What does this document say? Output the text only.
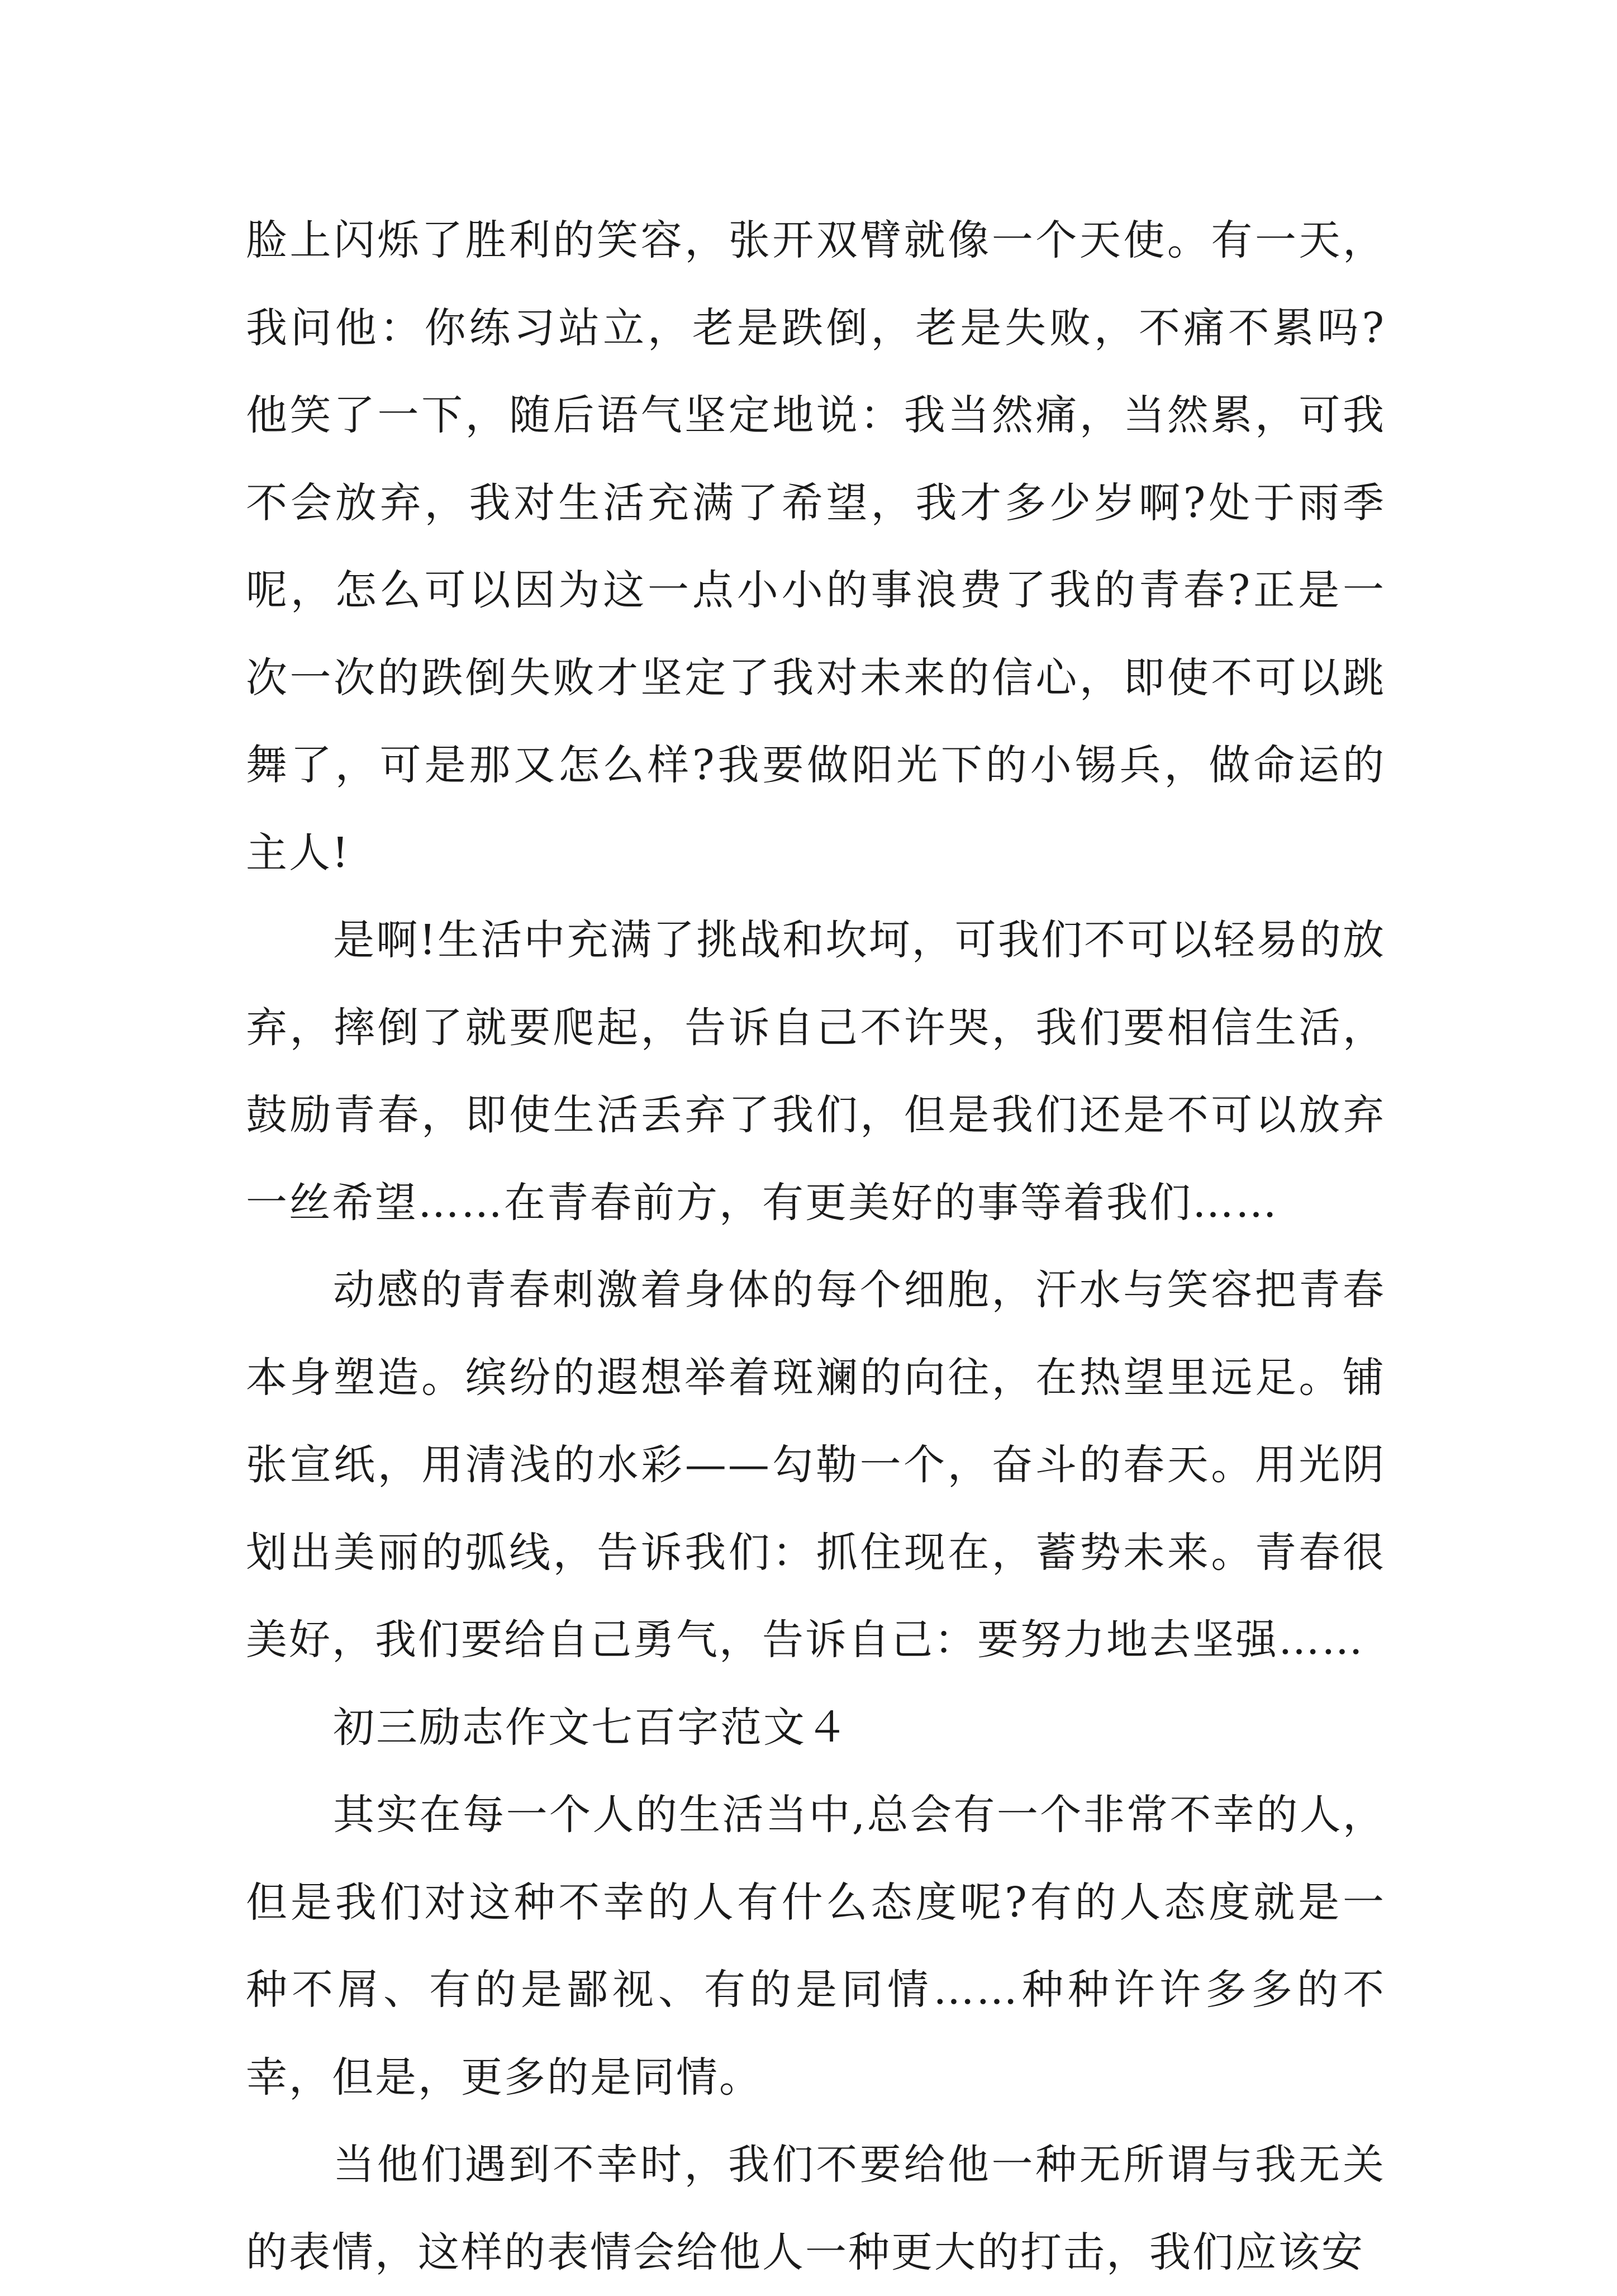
脸上闪烁了胜利的笑容，张开双臂就像一个天使。有一天，我问他：你练习站立，老是跌倒，老是失败，不痛不累吗?他笑了一下，随后语气坚定地说：我当然痛，当然累，可我不会放弃，我对生活充满了希望，我才多少岁啊?处于雨季呢，怎么可以因为这一点小小的事浪费了我的青春?正是一次一次的跌倒失败才坚定了我对未来的信心，即使不可以跳舞了，可是那又怎么样?我要做阳光下的小锡兵，做命运的主人!

是啊!生活中充满了挑战和坎坷，可我们不可以轻易的放弃，摔倒了就要爬起，告诉自己不许哭，我们要相信生活，鼓励青春，即使生活丢弃了我们，但是我们还是不可以放弃一丝希望……在青春前方，有更美好的事等着我们……

动感的青春刺激着身体的每个细胞，汗水与笑容把青春本身塑造。缤纷的遐想举着斑斓的向往，在热望里远足。铺张宣纸，用清浅的水彩——勾勒一个，奋斗的春天。用光阴划出美丽的弧线，告诉我们：抓住现在，蓄势未来。青春很美好，我们要给自己勇气，告诉自己：要努力地去坚强……

初三励志作文七百字范文４

其实在每一个人的生活当中,总会有一个非常不幸的人，但是我们对这种不幸的人有什么态度呢?有的人态度就是一种不屑、有的是鄙视、有的是同情……种种许许多多的不幸，但是，更多的是同情。

当他们遇到不幸时，我们不要给他一种无所谓与我无关的表情，这样的表情会给他人一种更大的打击，我们应该安
